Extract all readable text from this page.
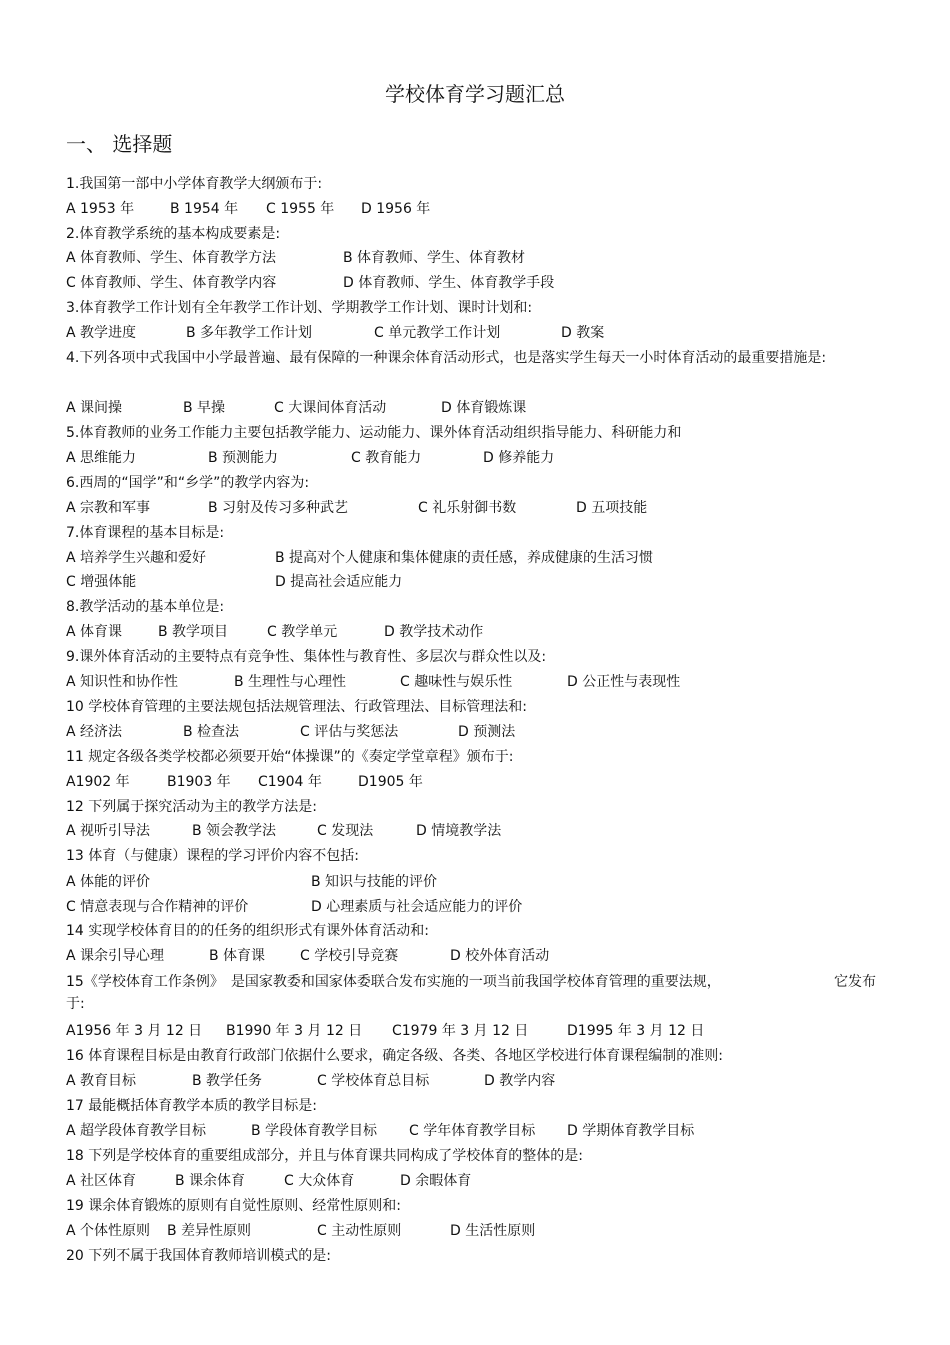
学校体育学习题汇总
一、 选择题
1.我国第一部中小学体育教学大纲颁布于:
A 1953 年	B 1954 年 C 1955 年 D 1956 年
2.体育教学系统的基本构成要素是:
A 体育教师、学生、体育教学方法	B 体育教师、学生、体育教材
C 体育教师、学生、体育教学内容	D 体育教师、学生、体育教学手段
3.体育教学工作计划有全年教学工作计划、学期教学工作计划、课时计划和:
A 教学进度	B 多年教学工作计划	C 单元教学工作计划	D 教案
4.下列各项中式我国中小学最普遍、最有保障的一种课余体育活动形式，也是落实学生每天一小时体育活动的最重要措施是:
A 课间操	B 早操	C 大课间体育活动	D 体育锻炼课
5.体育教师的业务工作能力主要包括教学能力、运动能力、课外体育活动组织指导能力、科研能力和
A 思维能力	B 预测能力	C 教育能力	D 修养能力
6.西周的“国学”和“乡学”的教学内容为:
A 宗教和军事	B 习射及传习多种武艺	C 礼乐射御书数	D 五项技能
7.体育课程的基本目标是:
A 培养学生兴趣和爱好	B 提高对个人健康和集体健康的责任感，养成健康的生活习惯
C 增强体能	D 提高社会适应能力
8.教学活动的基本单位是:
A 体育课	B 教学项目	C 教学单元	D 教学技术动作
9.课外体育活动的主要特点有竞争性、集体性与教育性、多层次与群众性以及:
A 知识性和协作性	B 生理性与心理性	C 趣味性与娱乐性	D 公正性与表现性
10 学校体育管理的主要法规包括法规管理法、行政管理法、目标管理法和:
A 经济法	B 检查法	C 评估与奖惩法	D 预测法
11 规定各级各类学校都必须要开始“体操课”的《奏定学堂章程》颁布于:
A1902 年	B1903 年 C1904 年	D1905 年
12 下列属于探究活动为主的教学方法是:
A 视听引导法	B 领会教学法	C 发现法	D 情境教学法
13 体育（与健康）课程的学习评价内容不包括:
A 体能的评价	B 知识与技能的评价
C 情意表现与合作精神的评价	D 心理素质与社会适应能力的评价
14 实现学校体育目的的任务的组织形式有课外体育活动和:
A 课余引导心理	B 体育课 C 学校引导竞赛	D 校外体育活动
15《学校体育工作条例》　是国家教委和国家体委联合发布实施的一项当前我国学校体育管理的重要法规，	它发布
于:
A1956 年 3 月 12 日 B1990 年 3 月 12 日 C1979 年 3 月 12 日	D1995 年 3 月 12 日
16 体育课程目标是由教育行政部门依据什么要求，确定各级、各类、各地区学校进行体育课程编制的准则:
A 教育目标	B 教学任务	C 学校体育总目标	D 教学内容
17 最能概括体育教学本质的教学目标是:
A 超学段体育教学目标	B 学段体育教学目标 C 学年体育教学目标 D 学期体育教学目标
18 下列是学校体育的重要组成部分，并且与体育课共同构成了学校体育的整体的是:
A 社区体育	B 课余体育	C 大众体育	D 余暇体育
19 课余体育锻炼的原则有自觉性原则、经常性原则和:
A 个体性原则 B 差异性原则	C 主动性原则	D 生活性原则
20 下列不属于我国体育教师培训模式的是:
